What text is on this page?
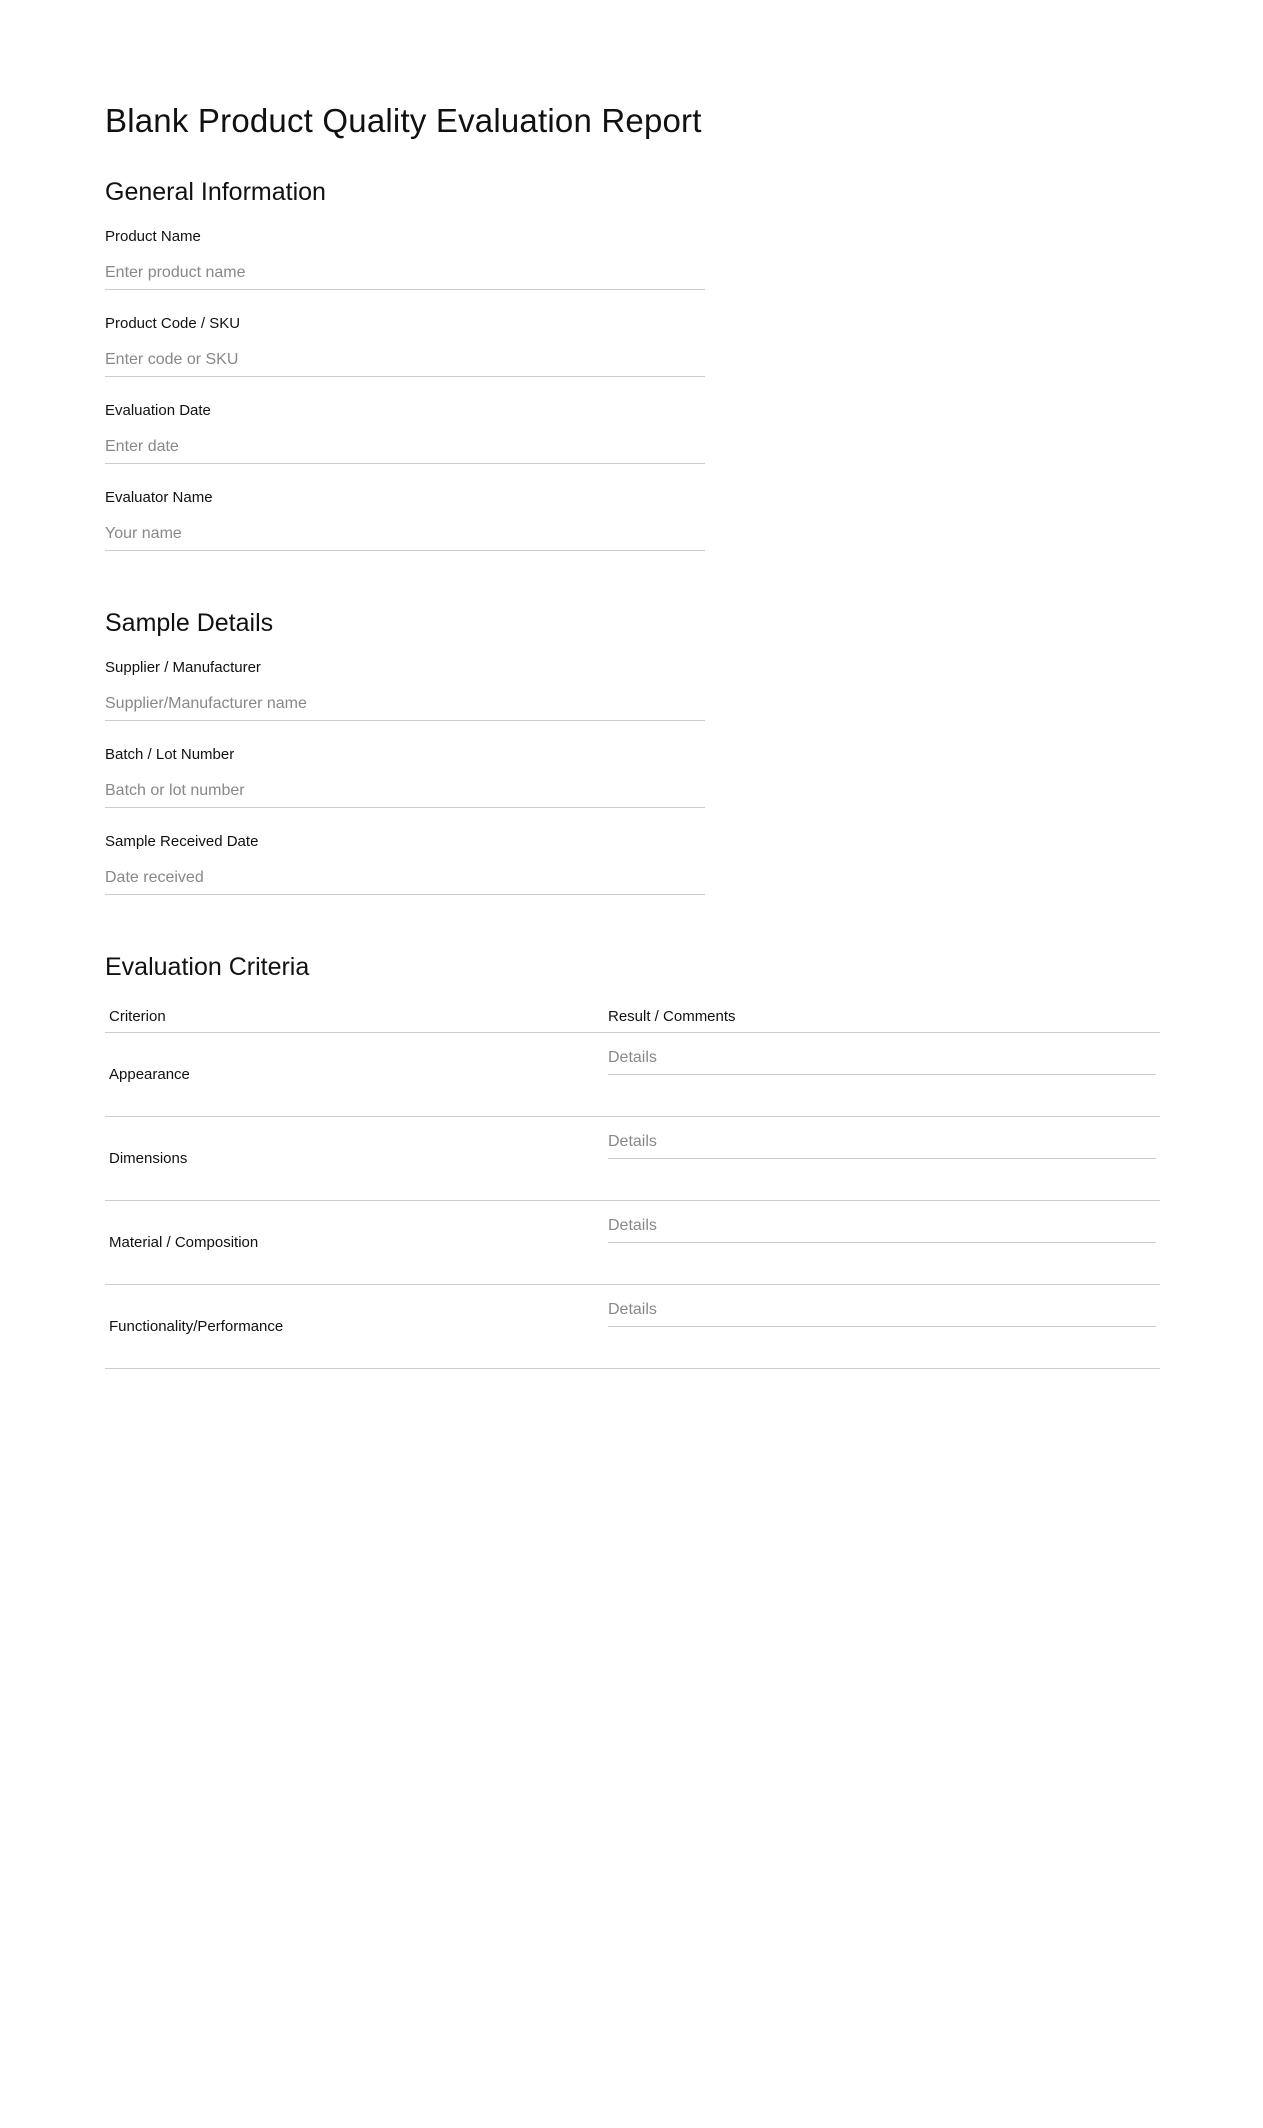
Blank Product Quality Evaluation Report
General Information
Product Name
Enter product name
Product Code / SKU
Enter code or SKU
Evaluation Date
Enter date
Evaluator Name
Your name
Sample Details
Supplier / Manufacturer
Supplier/Manufacturer name
Batch / Lot Number
Batch or lot number
Sample Received Date
Date received
Evaluation Criteria
Criterion	Result / Comments
Appearance	Details
Dimensions	Details
Material / Composition	Details
Functionality/Performance	Details
